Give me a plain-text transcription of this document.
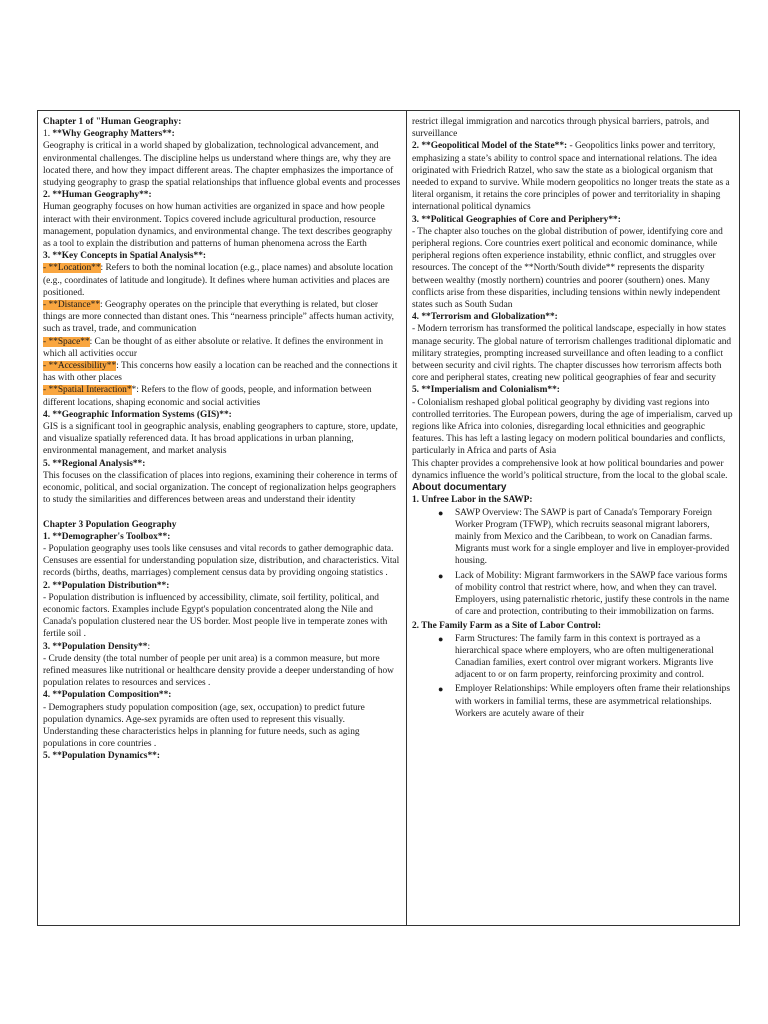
Chapter 1 of "Human Geography:
1. **Why Geography Matters**:
Geography is critical in a world shaped by globalization, technological advancement, and environmental challenges. The discipline helps us understand where things are, why they are located there, and how they impact different areas. The chapter emphasizes the importance of studying geography to grasp the spatial relationships that influence global events and processes
2. **Human Geography**:
Human geography focuses on how human activities are organized in space and how people interact with their environment. Topics covered include agricultural production, resource management, population dynamics, and environmental change. The text describes geography as a tool to explain the distribution and patterns of human phenomena across the Earth
3. **Key Concepts in Spatial Analysis**:
- **Location**: Refers to both the nominal location (e.g., place names) and absolute location (e.g., coordinates of latitude and longitude). It defines where human activities and places are positioned.
- **Distance**: Geography operates on the principle that everything is related, but closer things are more connected than distant ones. This “nearness principle” affects human activity, such as travel, trade, and communication
- **Space**: Can be thought of as either absolute or relative. It defines the environment in which all activities occur
- **Accessibility**: This concerns how easily a location can be reached and the connections it has with other places
- **Spatial Interaction**: Refers to the flow of goods, people, and information between different locations, shaping economic and social activities
4. **Geographic Information Systems (GIS)**:
GIS is a significant tool in geographic analysis, enabling geographers to capture, store, update, and visualize spatially referenced data. It has broad applications in urban planning, environmental management, and market analysis
5. **Regional Analysis**:
This focuses on the classification of places into regions, examining their coherence in terms of economic, political, and social organization. The concept of regionalization helps geographers to study the similarities and differences between areas and understand their identity

Chapter 3 Population Geography
1. **Demographer's Toolbox**:
- Population geography uses tools like censuses and vital records to gather demographic data. Censuses are essential for understanding population size, distribution, and characteristics. Vital records (births, deaths, marriages) complement census data by providing ongoing statistics .
2. **Population Distribution**:
- Population distribution is influenced by accessibility, climate, soil fertility, political, and economic factors. Examples include Egypt's population concentrated along the Nile and Canada's population clustered near the US border. Most people live in temperate zones with fertile soil .
3. **Population Density**:
- Crude density (the total number of people per unit area) is a common measure, but more refined measures like nutritional or healthcare density provide a deeper understanding of how population relates to resources and services .
4. **Population Composition**:
- Demographers study population composition (age, sex, occupation) to predict future population dynamics. Age-sex pyramids are often used to represent this visually. Understanding these characteristics helps in planning for future needs, such as aging populations in core countries .
5. **Population Dynamics**:

restrict illegal immigration and narcotics through physical barriers, patrols, and surveillance
2. **Geopolitical Model of the State**: - Geopolitics links power and territory, emphasizing a state’s ability to control space and international relations. The idea originated with Friedrich Ratzel, who saw the state as a biological organism that needed to expand to survive. While modern geopolitics no longer treats the state as a literal organism, it retains the core principles of power and territoriality in shaping international political dynamics
3. **Political Geographies of Core and Periphery**:
- The chapter also touches on the global distribution of power, identifying core and peripheral regions. Core countries exert political and economic dominance, while peripheral regions often experience instability, ethnic conflict, and struggles over resources. The concept of the **North/South divide** represents the disparity between wealthy (mostly northern) countries and poorer (southern) ones. Many conflicts arise from these disparities, including tensions within newly independent states such as South Sudan
4. **Terrorism and Globalization**:
- Modern terrorism has transformed the political landscape, especially in how states manage security. The global nature of terrorism challenges traditional diplomatic and military strategies, prompting increased surveillance and often leading to a conflict between security and civil rights. The chapter discusses how terrorism affects both core and peripheral states, creating new political geographies of fear and security
5. **Imperialism and Colonialism**:
- Colonialism reshaped global political geography by dividing vast regions into controlled territories. The European powers, during the age of imperialism, carved up regions like Africa into colonies, disregarding local ethnicities and geographic features. This has left a lasting legacy on modern political boundaries and conflicts, particularly in Africa and parts of Asia
This chapter provides a comprehensive look at how political boundaries and power dynamics influence the world’s political structure, from the local to the global scale.

About documentary

1. Unfree Labor in the SAWP:

● SAWP Overview: The SAWP is part of Canada's Temporary Foreign Worker Program (TFWP), which recruits seasonal migrant laborers, mainly from Mexico and the Caribbean, to work on Canadian farms. Migrants must work for a single employer and live in employer-provided housing.
● Lack of Mobility: Migrant farmworkers in the SAWP face various forms of mobility control that restrict where, how, and when they can travel. Employers, using paternalistic rhetoric, justify these controls in the name of care and protection, contributing to their immobilization on farms.

2. The Family Farm as a Site of Labor Control:

● Farm Structures: The family farm in this context is portrayed as a hierarchical space where employers, who are often multigenerational Canadian families, exert control over migrant workers. Migrants live adjacent to or on farm property, reinforcing proximity and control.
● Employer Relationships: While employers often frame their relationships with workers in familial terms, these are asymmetrical relationships. Workers are acutely aware of their
